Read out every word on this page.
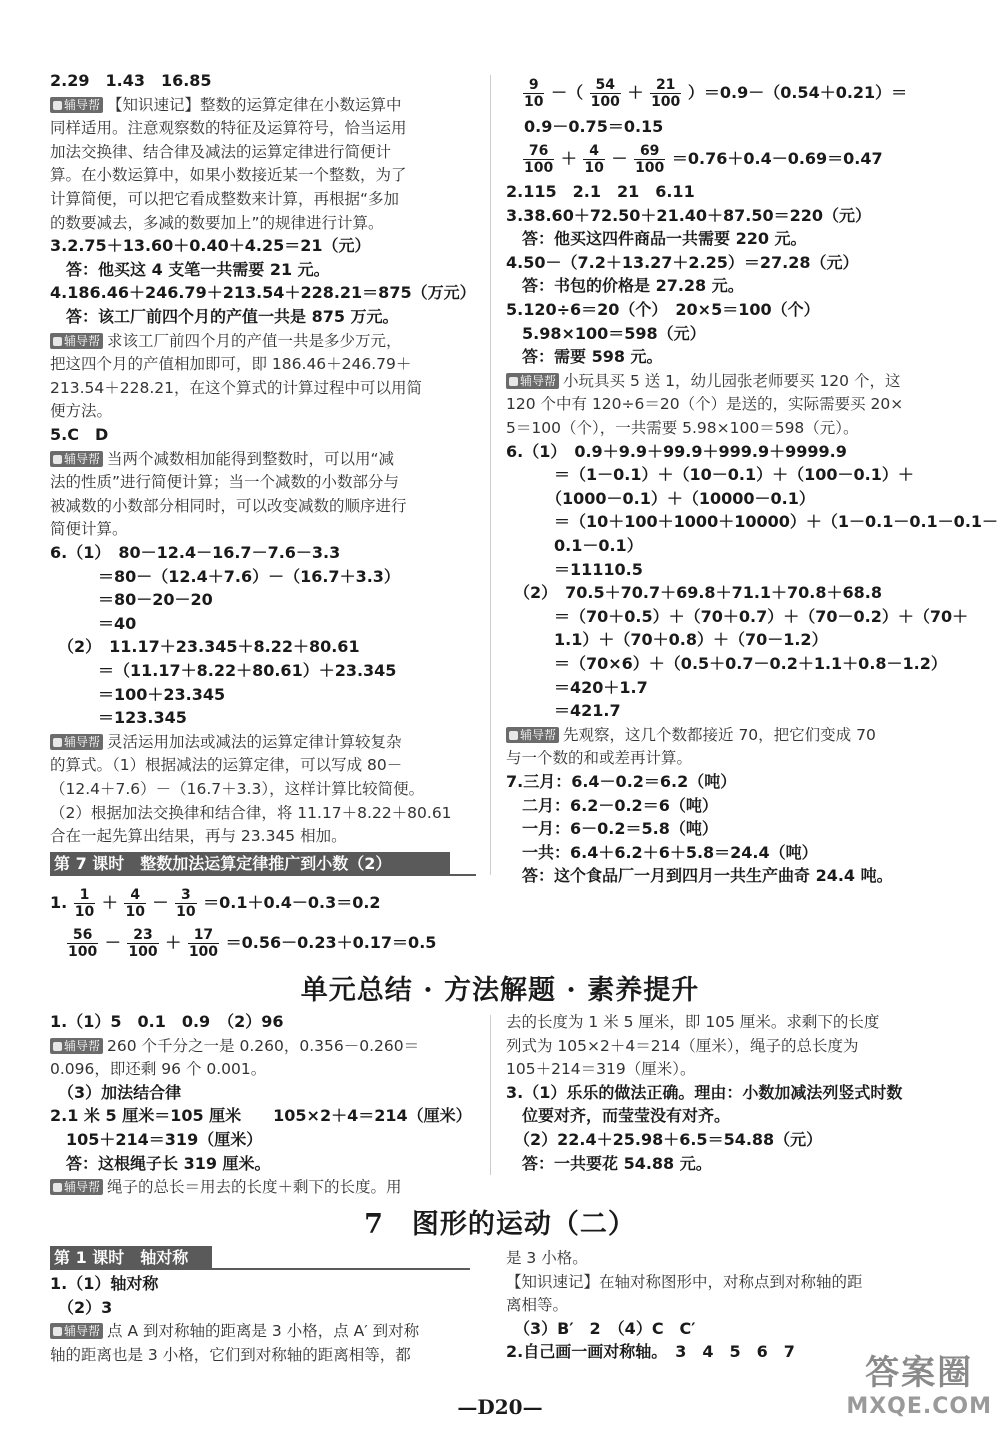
2.29　1.43　16.85
辅导帮 【知识速记】整数的运算定律在小数运算中
同样适用。注意观察数的特征及运算符号，恰当运用
加法交换律、结合律及减法的运算定律进行简便计
算。在小数运算中，如果小数接近某一个整数，为了
计算简便，可以把它看成整数来计算，再根据“多加
的数要减去，多减的数要加上”的规律进行计算。
3.2.75＋13.60＋0.40＋4.25＝21（元）
　答：他买这 4 支笔一共需要 21 元。
4.186.46＋246.79＋213.54＋228.21＝875（万元）
　答：该工厂前四个月的产值一共是 875 万元。
辅导帮 求该工厂前四个月的产值一共是多少万元，
把这四个月的产值相加即可，即 186.46＋246.79＋
213.54＋228.21，在这个算式的计算过程中可以用简
便方法。
5.C　D
辅导帮 当两个减数相加能得到整数时，可以用“减
法的性质”进行简便计算；当一个减数的小数部分与
被减数的小数部分相同时，可以改变减数的顺序进行
简便计算。
6.（1）　80－12.4－16.7－7.6－3.3
　　　＝80－（12.4＋7.6）－（16.7＋3.3）
　　　＝80－20－20
　　　＝40
　（2）　11.17＋23.345＋8.22＋80.61
　　　＝（11.17＋8.22＋80.61）＋23.345
　　　＝100＋23.345
　　　＝123.345
辅导帮 灵活运用加法或减法的运算定律计算较复杂
的算式。（1）根据减法的运算定律，可以写成 80－
（12.4＋7.6）－（16.7＋3.3），这样计算比较简便。
（2）根据加法交换律和结合律，将 11.17＋8.22＋80.61
合在一起先算出结果，再与 23.345 相加。
第 7 课时　整数加法运算定律推广到小数（2）
1. $\frac{1}{10} + \frac{4}{10} - \frac{3}{10} =0.1+0.4-0.3=0.2$
$\frac{56}{100} - \frac{23}{100} + \frac{17}{100} =0.56-0.23+0.17=0.5$
$\frac{9}{10}$ －（ $\frac{54}{100} + \frac{21}{100} )=0.9-(0.54+0.21)=$
0.9－0.75＝0.15
$\frac{76}{100} + \frac{4}{10} - \frac{69}{100} =0.76+0.4-0.69=0.47$
2.115　2.1　21　6.11
3.38.60＋72.50＋21.40＋87.50＝220（元）
　答：他买这四件商品一共需要 220 元。
4.50－（7.2＋13.27＋2.25）＝27.28（元）
　答：书包的价格是 27.28 元。
5.120÷6＝20（个）　20×5＝100（个）
　5.98×100＝598（元）
　答：需要 598 元。
辅导帮 小玩具买 5 送 1，幼儿园张老师要买 120 个，这
120 个中有 120÷6＝20（个）是送的，实际需要买 20×
5＝100（个），一共需要 5.98×100＝598（元）。
6.（1）　0.9＋9.9＋99.9＋999.9＋9999.9
　　　＝（1－0.1）＋（10－0.1）＋（100－0.1）＋
　　　（1000－0.1）＋（10000－0.1）
　　　＝（10＋100＋1000＋10000）＋（1－0.1－0.1－0.1－
　　　0.1－0.1）
　　　＝11110.5
　（2）　70.5＋70.7＋69.8＋71.1＋70.8＋68.8
　　　＝（70＋0.5）＋（70＋0.7）＋（70－0.2）＋（70＋
　　　1.1）＋（70＋0.8）＋（70－1.2）
　　　＝（70×6）＋（0.5＋0.7－0.2＋1.1＋0.8－1.2）
　　　＝420＋1.7
　　　＝421.7
辅导帮 先观察，这几个数都接近 70，把它们变成 70
与一个数的和或差再计算。
7.三月：6.4－0.2＝6.2（吨）
　二月：6.2－0.2＝6（吨）
　一月：6－0.2＝5.8（吨）
　一共：6.4＋6.2＋6＋5.8＝24.4（吨）
　答：这个食品厂一月到四月一共生产曲奇 24.4 吨。
单元总结 · 方法解题 · 素养提升
1.（1）5　0.1　0.9　（2）96
辅导帮 260 个千分之一是 0.260，0.356－0.260＝
0.096，即还剩 96 个 0.001。
　（3）加法结合律
2.1 米 5 厘米＝105 厘米　　105×2＋4＝214（厘米）
　105＋214＝319（厘米）
　答：这根绳子长 319 厘米。
辅导帮 绳子的总长＝用去的长度＋剩下的长度。用
去的长度为 1 米 5 厘米，即 105 厘米。求剩下的长度
列式为 105×2＋4＝214（厘米），绳子的总长度为
105＋214＝319（厘米）。
3.（1）乐乐的做法正确。理由：小数加减法列竖式时数
　位要对齐，而莹莹没有对齐。
　（2）22.4＋25.98＋6.5＝54.88（元）
　答：一共要花 54.88 元。
7　图形的运动（二）
第 1 课时　轴对称
1.（1）轴对称
　（2）3
辅导帮 点 A 到对称轴的距离是 3 小格，点 A′ 到对称
轴的距离也是 3 小格，它们到对称轴的距离相等，都
是 3 小格。
【知识速记】在轴对称图形中，对称点到对称轴的距
离相等。
　（3）B′　2　（4）C　C′
2.自己画一画对称轴。　3　4　5　6　7
—D20—
答案圈
MXQE.COM
